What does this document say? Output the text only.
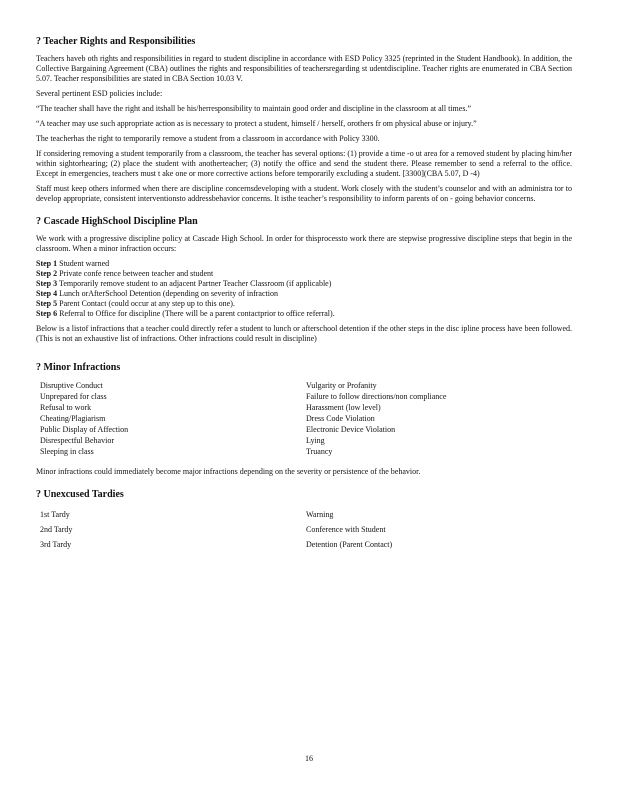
? Teacher Rights and Responsibilities

Teachers haveb oth rights and responsibilities in regard to student discipline in accordance with ESD Policy 3325 (reprinted in the Student Handbook). In addition, the Collective Bargaining Agreement (CBA) outlines the rights and responsibilities of teachersregarding st udentdiscipline. Teacher rights are enumerated in CBA Section 5.07. Teacher responsibilities are stated in CBA Section 10.03 V.

Several pertinent ESD policies include:

“The teacher shall have the right and itshall be his/herresponsibility to maintain good order and discipline in the classroom at all times.”

“A teacher may use such appropriate action as is necessary to protect a student, himself / herself, orothers fr om physical abuse or injury.”

The teacherhas the right to temporarily remove a student from a classroom in accordance with Policy 3300.

If considering removing a student temporarily from a classroom, the teacher has several options: (1) provide a time -o ut area for a removed student by placing him/her within sightorhearing; (2) place the student with anotherteacher; (3) notify the office and send the student there. Please remember to send a referral to the office. Except in emergencies, teachers must t ake one or more corrective actions before temporarily excluding a student. [3300](CBA 5.07, D -4)

Staff must keep others informed when there are discipline concernsdeveloping with a student. Work closely with the student’s counselor and with an administra tor to develop appropriate, consistent interventionsto addressbehavior concerns. It isthe teacher’s responsibility to inform parents of on - going behavior concerns.

? Cascade HighSchool Discipline Plan

We work with a progressive discipline policy at Cascade High School. In order for thisprocessto work there are stepwise progressive discipline steps that begin in the classroom. When a minor infraction occurs:

Step 1 Student warned
Step 2 Private confe rence between teacher and student
Step 3 Temporarily remove student to an adjacent Partner Teacher Classroom (if applicable)
Step 4 Lunch orAfterSchool Detention (depending on severity of infraction
Step 5 Parent Contact (could occur at any step up to this one).
Step 6 Referral to Office for discipline (There will be a parent contactprior to office referral).

Below is a listof infractions that a teacher could directly refer a student to lunch or afterschool detention if the other steps in the disc ipline process have been followed. (This is not an exhaustive list of infractions. Other infractions could result in discipline)

? Minor Infractions
Disruptive Conduct
Unprepared for class
Refusal to work
Cheating/Plagiarism
Public Display of Affection
Disrespectful Behavior
Sleeping in class
Vulgarity or Profanity
Failure to follow directions/non compliance
Harassment (low level)
Dress Code Violation
Electronic Device Violation
Lying
Truancy

Minor infractions could immediately become major infractions depending on the severity or persistence of the behavior.

? Unexcused Tardies
1st Tardy
2nd Tardy
3rd Tardy
Warning
Conference with Student
Detention (Parent Contact)
16
